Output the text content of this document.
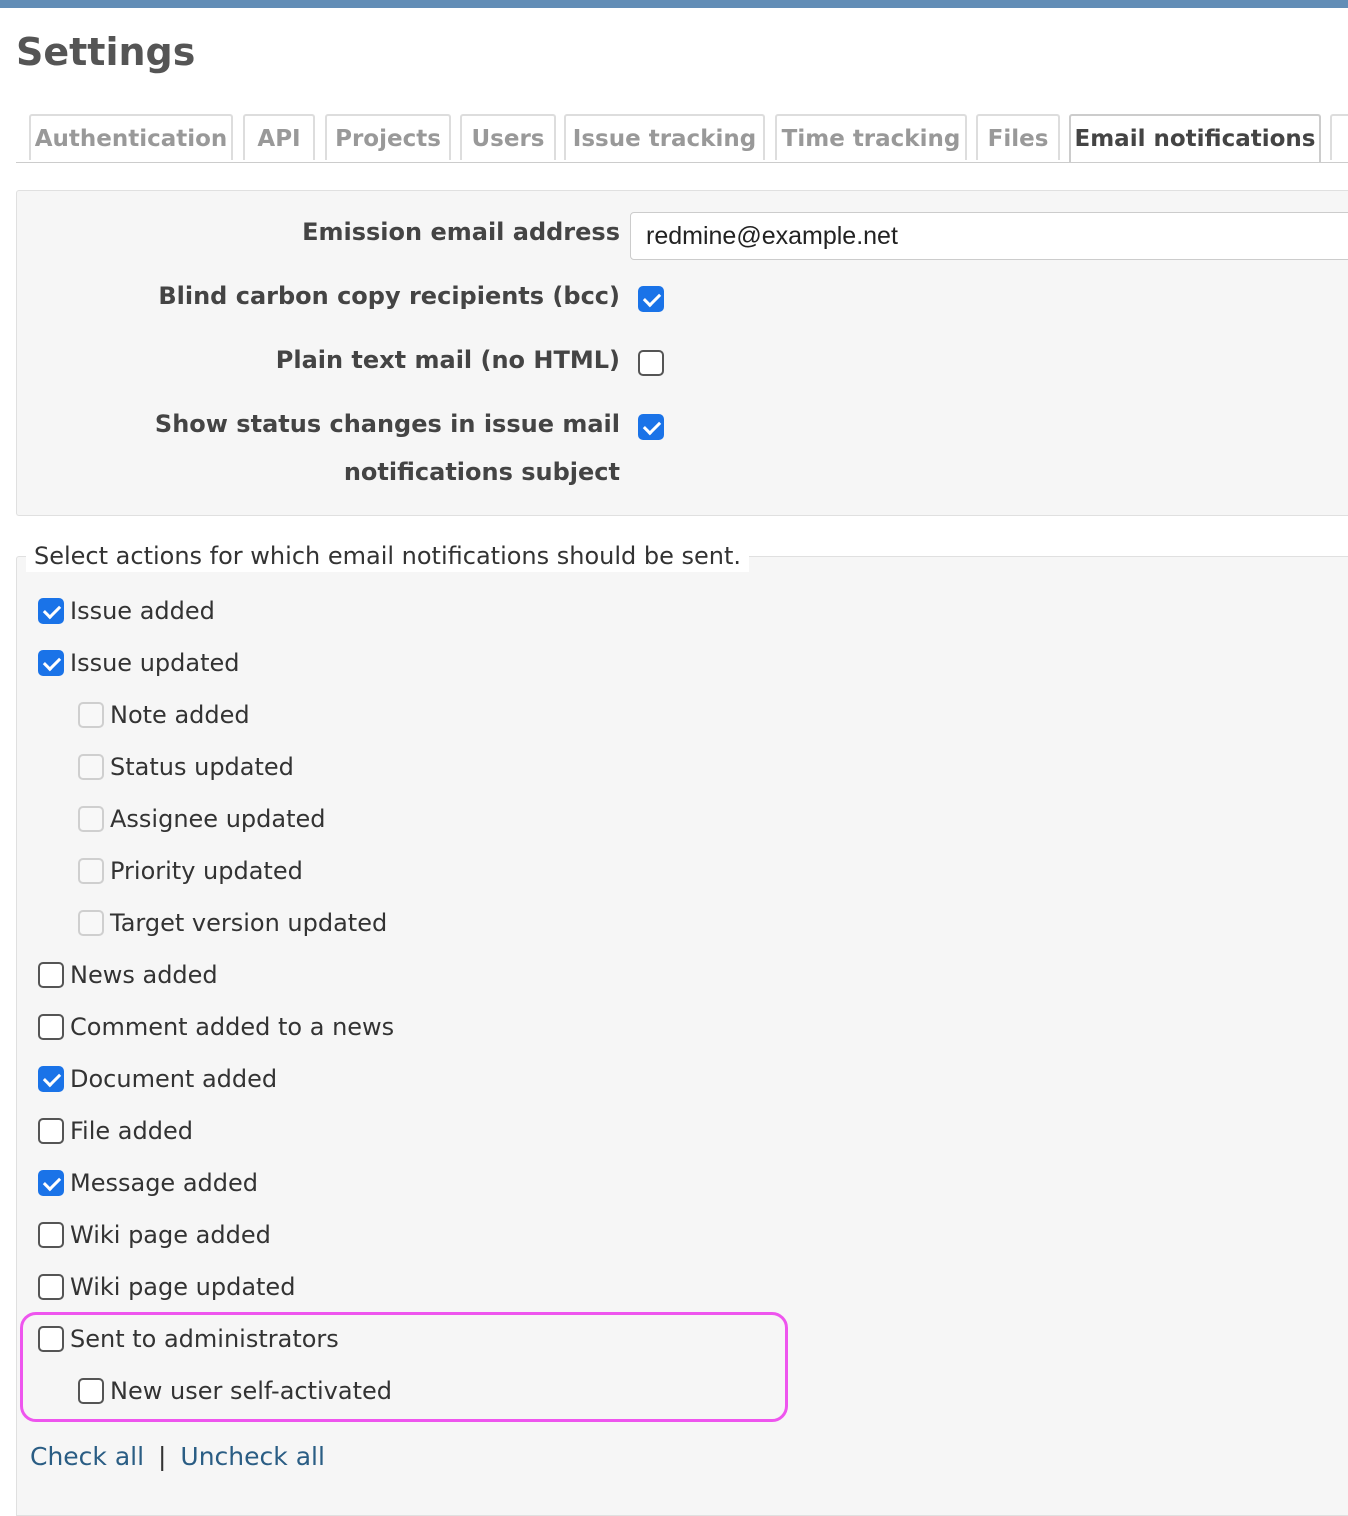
Settings
Authentication	API	Projects	Users	Issue tracking	Time tracking	Files	Email notifications
Emission email address	redmine@example.net
Blind carbon copy recipients (bcc)
Plain text mail (no HTML)
Show status changes in issue mail
notifications subject
Select actions for which email notifications should be sent.
Issue added
Issue updated
Note added
Status updated
Assignee updated
Priority updated
Target version updated
News added
Comment added to a news
Document added
File added
Message added
Wiki page added
Wiki page updated
Sent to administrators
New user self-activated
Check all | Uncheck all
